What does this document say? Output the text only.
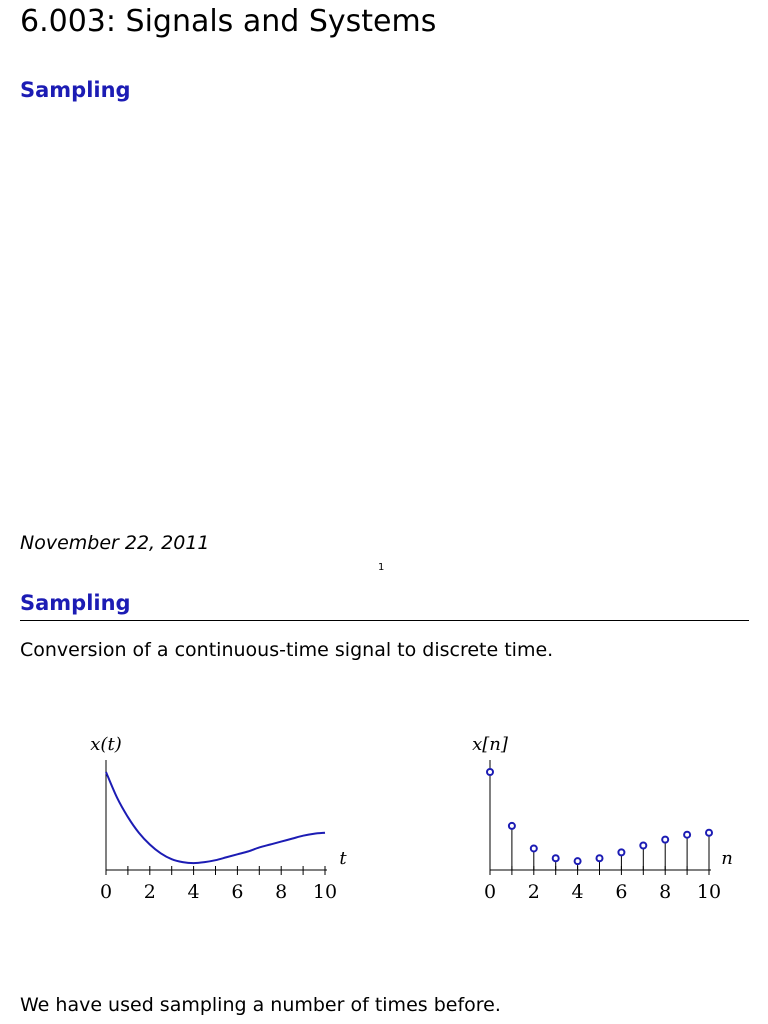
6.003: Signals and Systems
Sampling
November 22, 2011
1
Sampling
Conversion of a continuous-time signal to discrete time.
x(t)
0 2 4 6 8 10
t
x[n]
0 2 4 6 8 10
n
We have used sampling a number of times before.
